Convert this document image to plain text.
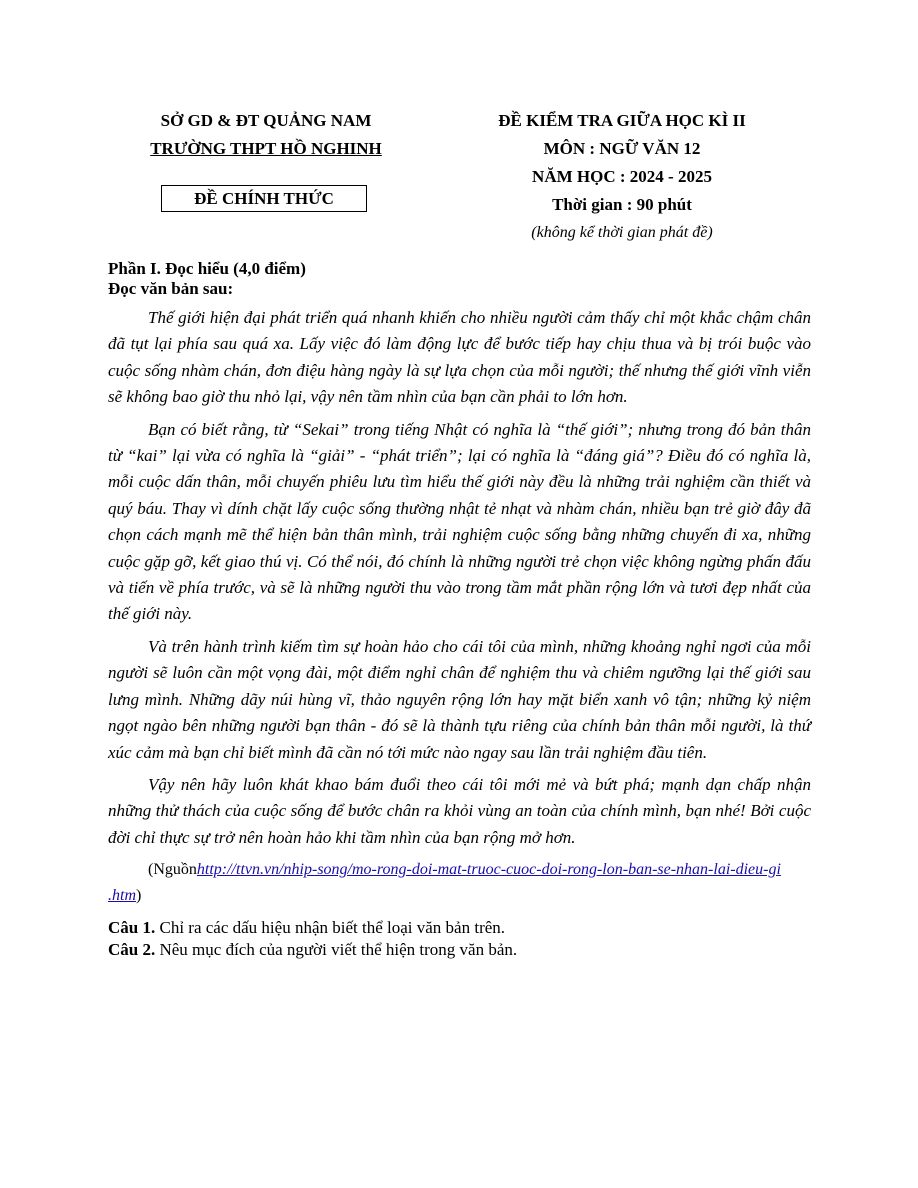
SỞ GD & ĐT QUẢNG NAM
TRƯỜNG THPT HỒ NGHINH
ĐỀ CHÍNH THỨC
ĐỀ KIỂM TRA GIỮA HỌC KÌ II
MÔN : NGỮ VĂN 12
NĂM HỌC : 2024 - 2025
Thời gian : 90 phút
(không kể thời gian phát đề)
Phần I. Đọc hiểu (4,0 điểm)
Đọc văn bản sau:

Thế giới hiện đại phát triển quá nhanh khiến cho nhiều người cảm thấy chỉ một khắc chậm chân đã tụt lại phía sau quá xa. Lấy việc đó làm động lực để bước tiếp hay chịu thua và bị trói buộc vào cuộc sống nhàm chán, đơn điệu hàng ngày là sự lựa chọn của mỗi người; thế nhưng thế giới vĩnh viễn sẽ không bao giờ thu nhỏ lại, vậy nên tầm nhìn của bạn cần phải to lớn hơn.

Bạn có biết rằng, từ “Sekai” trong tiếng Nhật có nghĩa là “thế giới”; nhưng trong đó bản thân từ “kai” lại vừa có nghĩa là “giải” - “phát triển”; lại có nghĩa là “đáng giá”? Điều đó có nghĩa là, mỗi cuộc dấn thân, mỗi chuyến phiêu lưu tìm hiểu thế giới này đều là những trải nghiệm cần thiết và quý báu. Thay vì dính chặt lấy cuộc sống thường nhật tẻ nhạt và nhàm chán, nhiều bạn trẻ giờ đây đã chọn cách mạnh mẽ thể hiện bản thân mình, trải nghiệm cuộc sống bằng những chuyến đi xa, những cuộc gặp gỡ, kết giao thú vị. Có thể nói, đó chính là những người trẻ chọn việc không ngừng phấn đấu và tiến về phía trước, và sẽ là những người thu vào trong tầm mắt phần rộng lớn và tươi đẹp nhất của thế giới này.

Và trên hành trình kiếm tìm sự hoàn hảo cho cái tôi của mình, những khoảng nghỉ ngơi của mỗi người sẽ luôn cần một vọng đài, một điểm nghỉ chân để nghiệm thu và chiêm ngưỡng lại thế giới sau lưng mình. Những dãy núi hùng vĩ, thảo nguyên rộng lớn hay mặt biển xanh vô tận; những kỷ niệm ngọt ngào bên những người bạn thân - đó sẽ là thành tựu riêng của chính bản thân mỗi người, là thứ xúc cảm mà bạn chỉ biết mình đã cần nó tới mức nào ngay sau lần trải nghiệm đầu tiên.

Vậy nên hãy luôn khát khao bám đuổi theo cái tôi mới mẻ và bứt phá; mạnh dạn chấp nhận những thử thách của cuộc sống để bước chân ra khỏi vùng an toàn của chính mình, bạn nhé! Bởi cuộc đời chỉ thực sự trở nên hoàn hảo khi tầm nhìn của bạn rộng mở hơn.

(Nguồnhttp://ttvn.vn/nhip-song/mo-rong-doi-mat-truoc-cuoc-doi-rong-lon-ban-se-nhan-lai-dieu-gi .htm)

Câu 1. Chỉ ra các dấu hiệu nhận biết thể loại văn bản trên.
Câu 2. Nêu mục đích của người viết thể hiện trong văn bản.
